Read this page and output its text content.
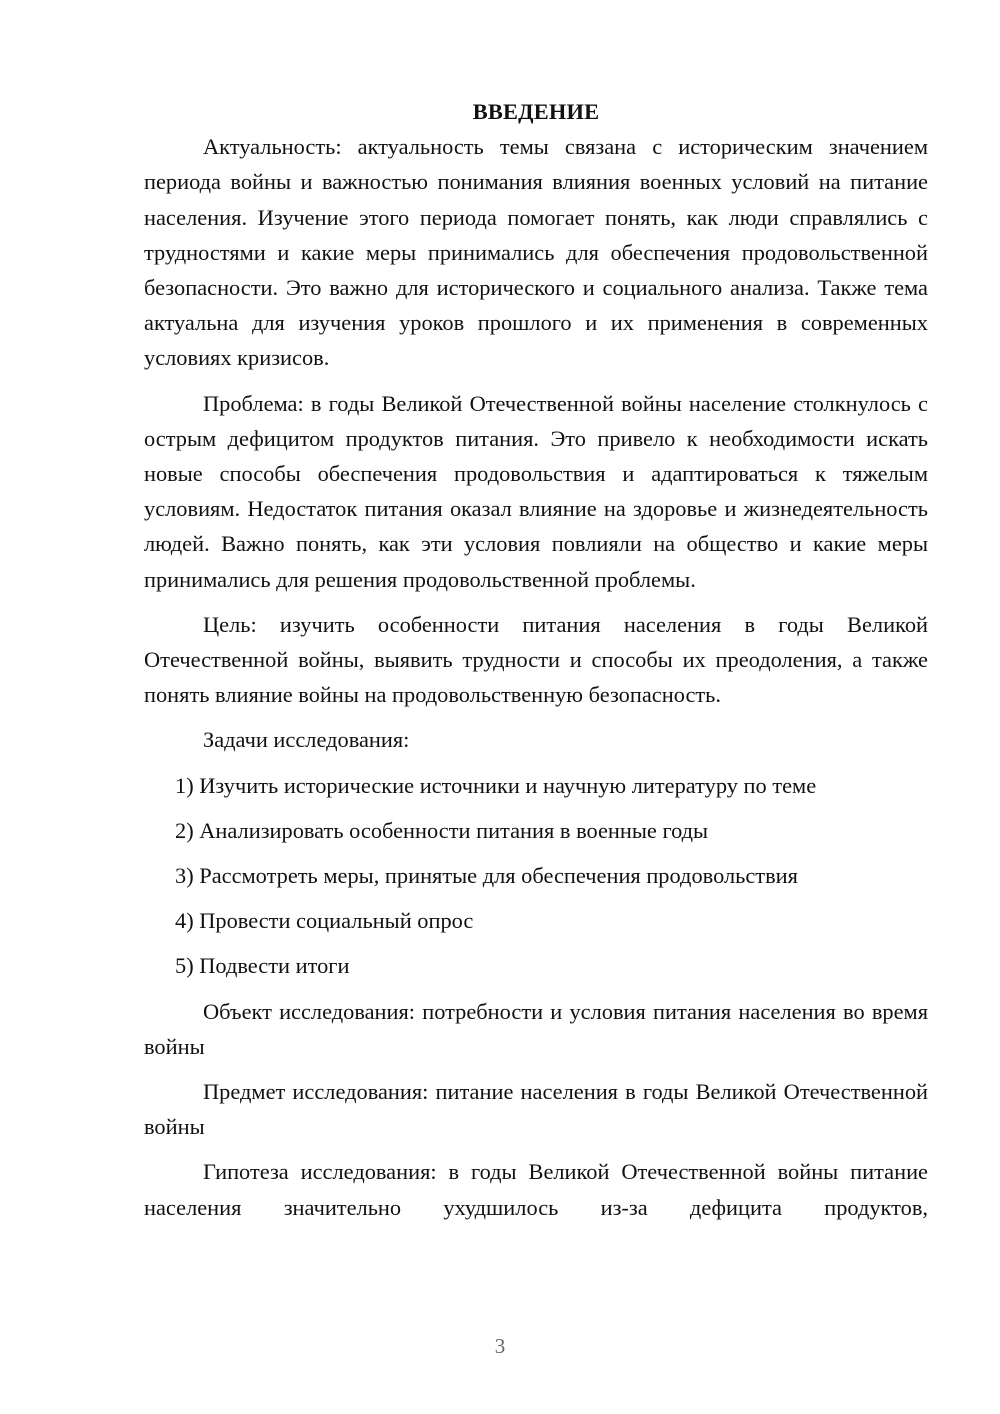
ВВЕДЕНИЕ

Актуальность: актуальность темы связана с историческим значением периода войны и важностью понимания влияния военных условий на питание населения. Изучение этого периода помогает понять, как люди справлялись с трудностями и какие меры принимались для обеспечения продовольственной безопасности. Это важно для исторического и социального анализа. Также тема актуальна для изучения уроков прошлого и их применения в современных условиях кризисов.

Проблема: в годы Великой Отечественной войны население столкнулось с острым дефицитом продуктов питания. Это привело к необходимости искать новые способы обеспечения продовольствия и адаптироваться к тяжелым условиям. Недостаток питания оказал влияние на здоровье и жизнедеятельность людей. Важно понять, как эти условия повлияли на общество и какие меры принимались для решения продовольственной проблемы.

Цель: изучить особенности питания населения в годы Великой Отечественной войны, выявить трудности и способы их преодоления, а также понять влияние войны на продовольственную безопасность.

Задачи исследования:
1) Изучить исторические источники и научную литературу по теме
2) Анализировать особенности питания в военные годы
3) Рассмотреть меры, принятые для обеспечения продовольствия
4) Провести социальный опрос
5) Подвести итоги

Объект исследования: потребности и условия питания населения во время войны

Предмет исследования: питание населения в годы Великой Отечественной войны

Гипотеза исследования: в годы Великой Отечественной войны питание населения значительно ухудшилось из-за дефицита продуктов,

3
